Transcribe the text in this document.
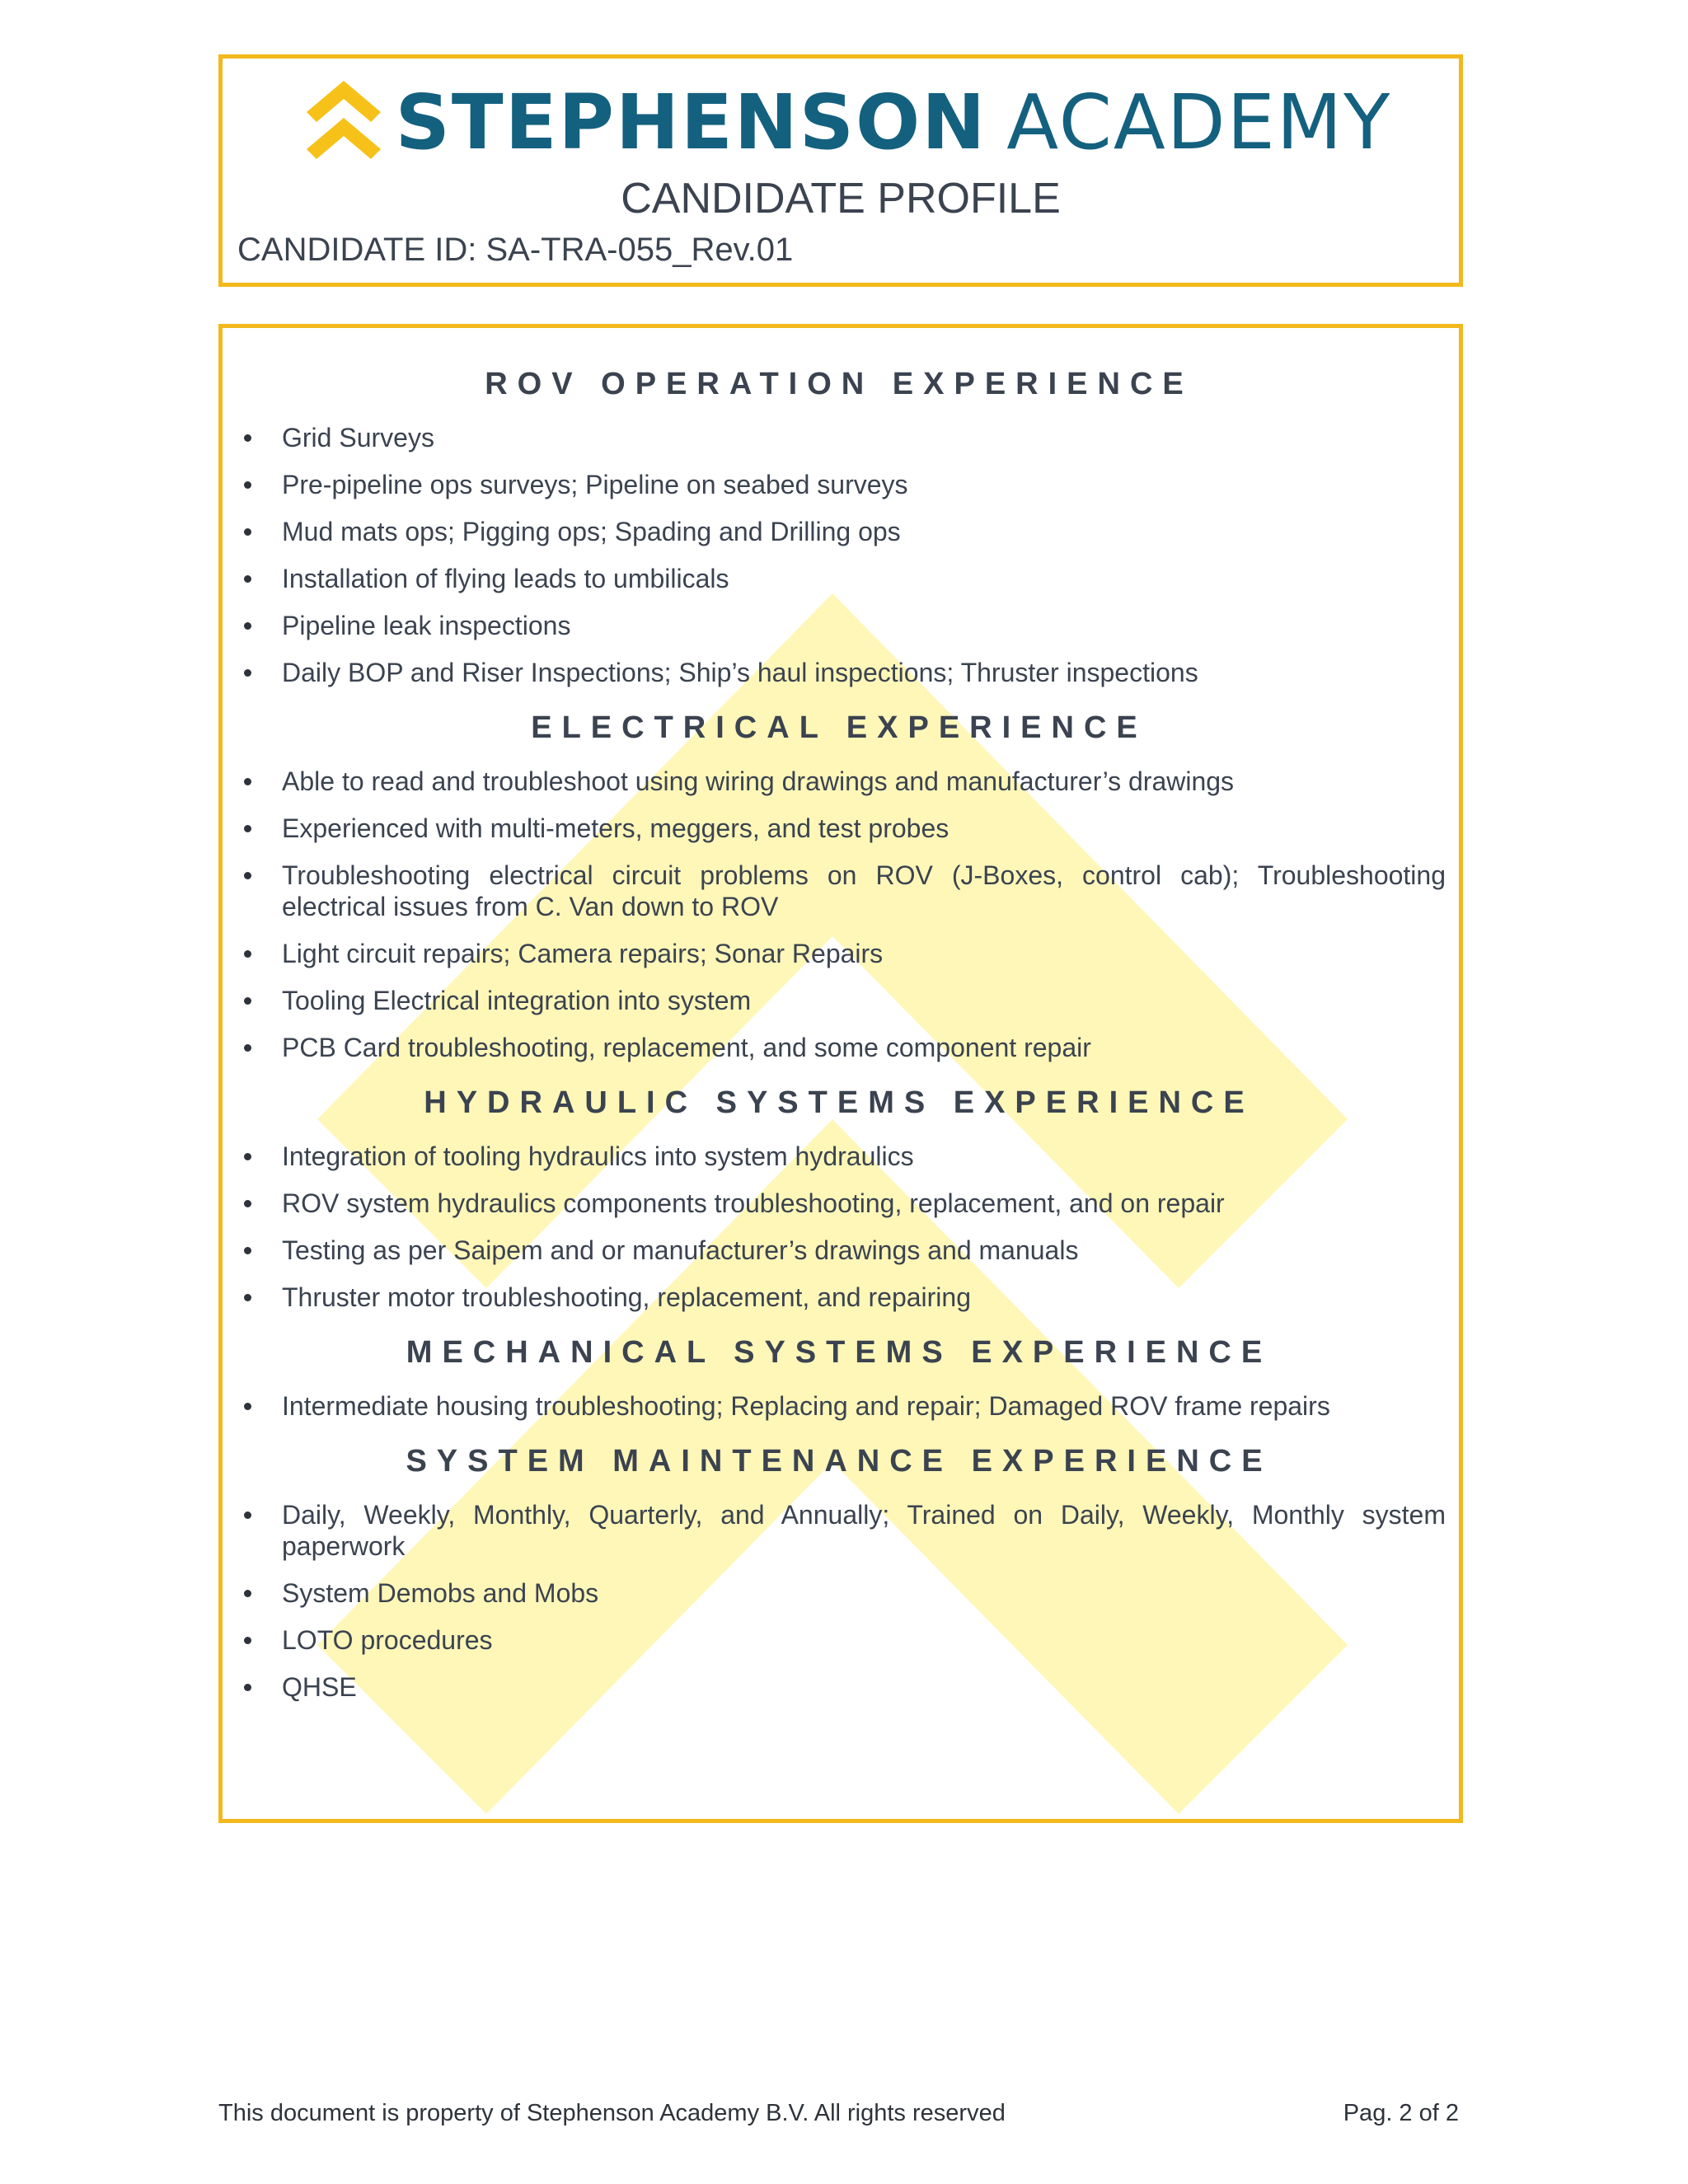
STEPHENSON ACADEMY
CANDIDATE PROFILE
CANDIDATE ID: SA-TRA-055_Rev.01
ROV OPERATION EXPERIENCE
Grid Surveys
Pre-pipeline ops surveys; Pipeline on seabed surveys
Mud mats ops; Pigging ops; Spading and Drilling ops
Installation of flying leads to umbilicals
Pipeline leak inspections
Daily BOP and Riser Inspections; Ship’s haul inspections; Thruster inspections
ELECTRICAL EXPERIENCE
Able to read and troubleshoot using wiring drawings and manufacturer’s drawings
Experienced with multi-meters, meggers, and test probes
Troubleshooting electrical circuit problems on ROV (J-Boxes, control cab); Troubleshooting electrical issues from C. Van down to ROV
Light circuit repairs; Camera repairs; Sonar Repairs
Tooling Electrical integration into system
PCB Card troubleshooting, replacement, and some component repair
HYDRAULIC SYSTEMS EXPERIENCE
Integration of tooling hydraulics into system hydraulics
ROV system hydraulics components troubleshooting, replacement, and on repair
Testing as per Saipem and or manufacturer’s drawings and manuals
Thruster motor troubleshooting, replacement, and repairing
MECHANICAL SYSTEMS EXPERIENCE
Intermediate housing troubleshooting; Replacing and repair; Damaged ROV frame repairs
SYSTEM MAINTENANCE EXPERIENCE
Daily, Weekly, Monthly, Quarterly, and Annually; Trained on Daily, Weekly, Monthly system paperwork
System Demobs and Mobs
LOTO procedures
QHSE
This document is property of Stephenson Academy B.V. All rights reserved	Pag. 2 of 2
